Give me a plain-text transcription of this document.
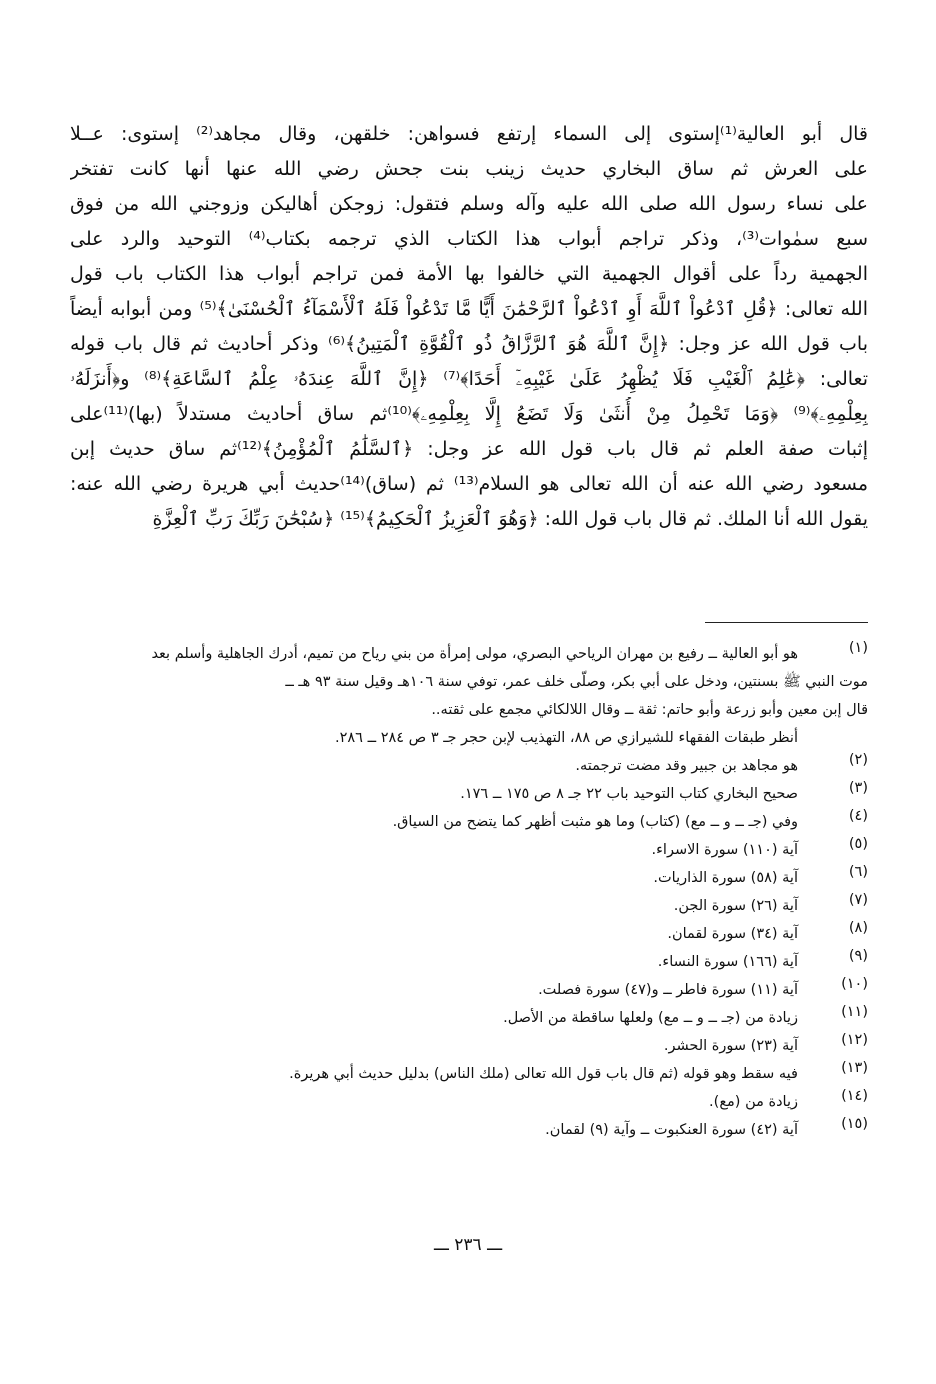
قال أبو العالية⁽¹⁾إستوى إلى السماء إرتفع فسواهن: خلقهن، وقال مجاهد⁽²⁾ إستوى: عــلا
على العرش ثم ساق البخاري حديث زينب بنت جحش رضي الله عنها أنها كانت تفتخر
على نساء رسول الله صلى الله عليه وآله وسلم فتقول: زوجكن أهاليكن وزوجني الله من فوق
سبع سمٰوات⁽³⁾، وذكر تراجم أبواب هذا الكتاب الذي ترجمه بكتاب⁽⁴⁾ التوحيد والرد على
الجهمية رداً على أقوال الجهمية التي خالفوا بها الأمة فمن تراجم أبواب هذا الكتاب باب قول
الله تعالى: ﴿قُلِ ٱدْعُواْ ٱللَّهَ أَوِ ٱدْعُواْ ٱلرَّحْمَٰنَ أَيًّا مَّا تَدْعُواْ فَلَهُ ٱلْأَسْمَآءُ ٱلْحُسْنَىٰ﴾⁽⁵⁾ ومن أبوابه أيضاً
باب قول الله عز وجل: ﴿إِنَّ ٱللَّهَ هُوَ ٱلرَّزَّاقُ ذُو ٱلْقُوَّةِ ٱلْمَتِينُ﴾⁽⁶⁾ وذكر أحاديث ثم قال باب قوله
تعالى: ﴿عَٰلِمُ ٱلْغَيْبِ فَلَا يُظْهِرُ عَلَىٰ غَيْبِهِۦٓ أَحَدًا﴾⁽⁷⁾ ﴿إِنَّ ٱللَّهَ عِندَهُۥ عِلْمُ ٱلسَّاعَةِ﴾⁽⁸⁾ و﴿أَنزَلَهُۥ
بِعِلْمِهِۦ﴾⁽⁹⁾ ﴿وَمَا تَحْمِلُ مِنْ أُنثَىٰ وَلَا تَضَعُ إِلَّا بِعِلْمِهِۦ﴾⁽¹⁰⁾ثم ساق أحاديث مستدلاً (بها)⁽¹¹⁾على
إثبات صفة العلم ثم قال باب قول الله عز وجل: ﴿ٱلسَّلَٰمُ ٱلْمُؤْمِنُ﴾⁽¹²⁾ثم ساق حديث إبن
مسعود رضي الله عنه أن الله تعالى هو السلام⁽¹³⁾ ثم (ساق)⁽¹⁴⁾حديث أبي هريرة رضي الله عنه:
يقول الله أنا الملك. ثم قال باب قول الله: ﴿وَهُوَ ٱلْعَزِيزُ ٱلْحَكِيمُ﴾⁽¹⁵⁾ ﴿سُبْحَٰنَ رَبِّكَ رَبِّ ٱلْعِزَّةِ
(١)
هو أبو العالية ــ رفيع بن مهران الرياحي البصري، مولى إمرأة من بني رياح من تميم، أدرك الجاهلية وأسلم بعد
موت النبي ﷺ بسنتين، ودخل على أبي بكر، وصلّى خلف عمر، توفي سنة ١٠٦هـ وقيل سنة ٩٣ هـ ــ
قال إبن معين وأبو زرعة وأبو حاتم: ثقة ــ وقال اللالكائي مجمع على ثقته..
أنظر طبقات الفقهاء للشيرازي ص ٨٨، التهذيب لإبن حجر جـ ٣ ص ٢٨٤ ــ ٢٨٦.
(٢)
هو مجاهد بن جبير وقد مضت ترجمته.
(٣)
صحيح البخاري كتاب التوحيد باب ٢٢ جـ ٨ ص ١٧٥ ــ ١٧٦.
(٤)
وفي (جـ ــ و ــ مع) (كتاب) وما هو مثبت أظهر كما يتضح من السياق.
(٥)
آية (١١٠) سورة الاسراء.
(٦)
آية (٥٨) سورة الذاريات.
(٧)
آية (٢٦) سورة الجن.
(٨)
آية (٣٤) سورة لقمان.
(٩)
آية (١٦٦) سورة النساء.
(١٠)
آية (١١) سورة فاطر ــ و(٤٧) سورة فصلت.
(١١)
زيادة من (جـ ــ و ــ مع) ولعلها ساقطة من الأصل.
(١٢)
آية (٢٣) سورة الحشر.
(١٣)
فيه سقط وهو قوله (ثم قال باب قول الله تعالى (ملك الناس) بدليل حديث أبي هريرة.
(١٤)
زيادة من (مع).
(١٥)
آية (٤٢) سورة العنكبوت ــ وآية (٩) لقمان.
ـــ ٢٣٦ ـــ
